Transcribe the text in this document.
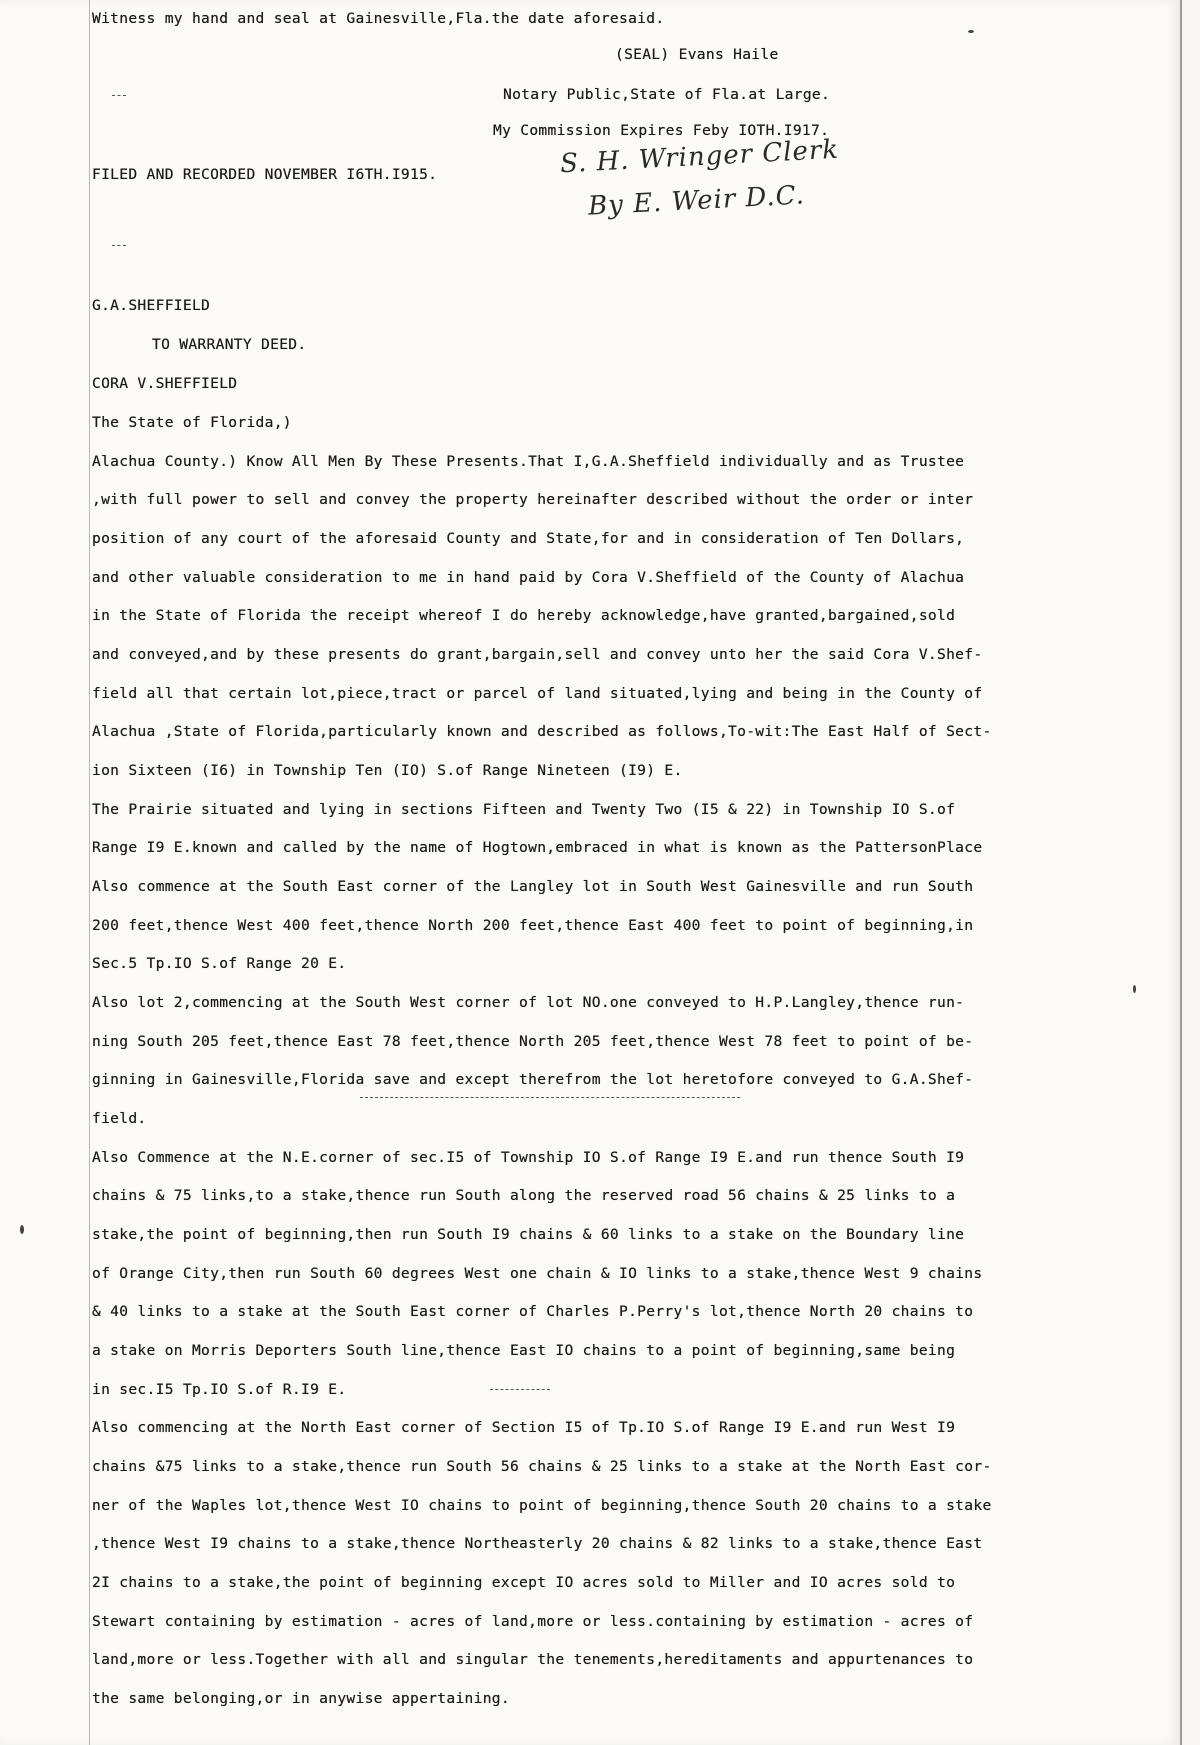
Witness my hand and seal at Gainesville,Fla.the date aforesaid.
(SEAL) Evans Haile
Notary Public,State of Fla.at Large.
My Commission Expires Feby IOTH.I917.
FILED AND RECORDED NOVEMBER I6TH.I915.	S. H. Wringer Clerk
By E. Weir D.C.
G.A.SHEFFIELD
TO WARRANTY DEED.
CORA V.SHEFFIELD
The State of Florida,)
Alachua County.) Know All Men By These Presents.That I,G.A.Sheffield individually and as Trustee
,with full power to sell and convey the property hereinafter described without the order or inter
position of any court of the aforesaid County and State,for and in consideration of Ten Dollars,
and other valuable consideration to me in hand paid by Cora V.Sheffield of the County of Alachua
in the State of Florida the receipt whereof I do hereby acknowledge,have granted,bargained,sold
and conveyed,and by these presents do grant,bargain,sell and convey unto her the said Cora V.Shef-
field all that certain lot,piece,tract or parcel of land situated,lying and being in the County of
Alachua ,State of Florida,particularly known and described as follows,To-wit:The East Half of Sect-
ion Sixteen (I6) in Township Ten (IO) S.of Range Nineteen (I9) E.
The Prairie situated and lying in sections Fifteen and Twenty Two (I5 & 22) in Township IO S.of
Range I9 E.known and called by the name of Hogtown,embraced in what is known as the PattersonPlace
Also commence at the South East corner of the Langley lot in South West Gainesville and run South
200 feet,thence West 400 feet,thence North 200 feet,thence East 400 feet to point of beginning,in
Sec.5 Tp.IO S.of Range 20 E.
Also lot 2,commencing at the South West corner of lot NO.one conveyed to H.P.Langley,thence run-
ning South 205 feet,thence East 78 feet,thence North 205 feet,thence West 78 feet to point of be-
ginning in Gainesville,Florida save and except therefrom the lot heretofore conveyed to G.A.Shef-
field.
Also Commence at the N.E.corner of sec.I5 of Township IO S.of Range I9 E.and run thence South I9
chains & 75 links,to a stake,thence run South along the reserved road 56 chains & 25 links to a
stake,the point of beginning,then run South I9 chains & 60 links to a stake on the Boundary line
of Orange City,then run South 60 degrees West one chain & IO links to a stake,thence West 9 chains
& 40 links to a stake at the South East corner of Charles P.Perry's lot,thence North 20 chains to
a stake on Morris Deporters South line,thence East IO chains to a point of beginning,same being
in sec.I5 Tp.IO S.of R.I9 E.
Also commencing at the North East corner of Section I5 of Tp.IO S.of Range I9 E.and run West I9
chains &75 links to a stake,thence run South 56 chains & 25 links to a stake at the North East cor-
ner of the Waples lot,thence West IO chains to point of beginning,thence South 20 chains to a stake
,thence West I9 chains to a stake,thence Northeasterly 20 chains & 82 links to a stake,thence East
2I chains to a stake,the point of beginning except IO acres sold to Miller and IO acres sold to
Stewart containing by estimation - acres of land,more or less.containing by estimation - acres of
land,more or less.Together with all and singular the tenements,hereditaments and appurtenances to
the same belonging,or in anywise appertaining.
